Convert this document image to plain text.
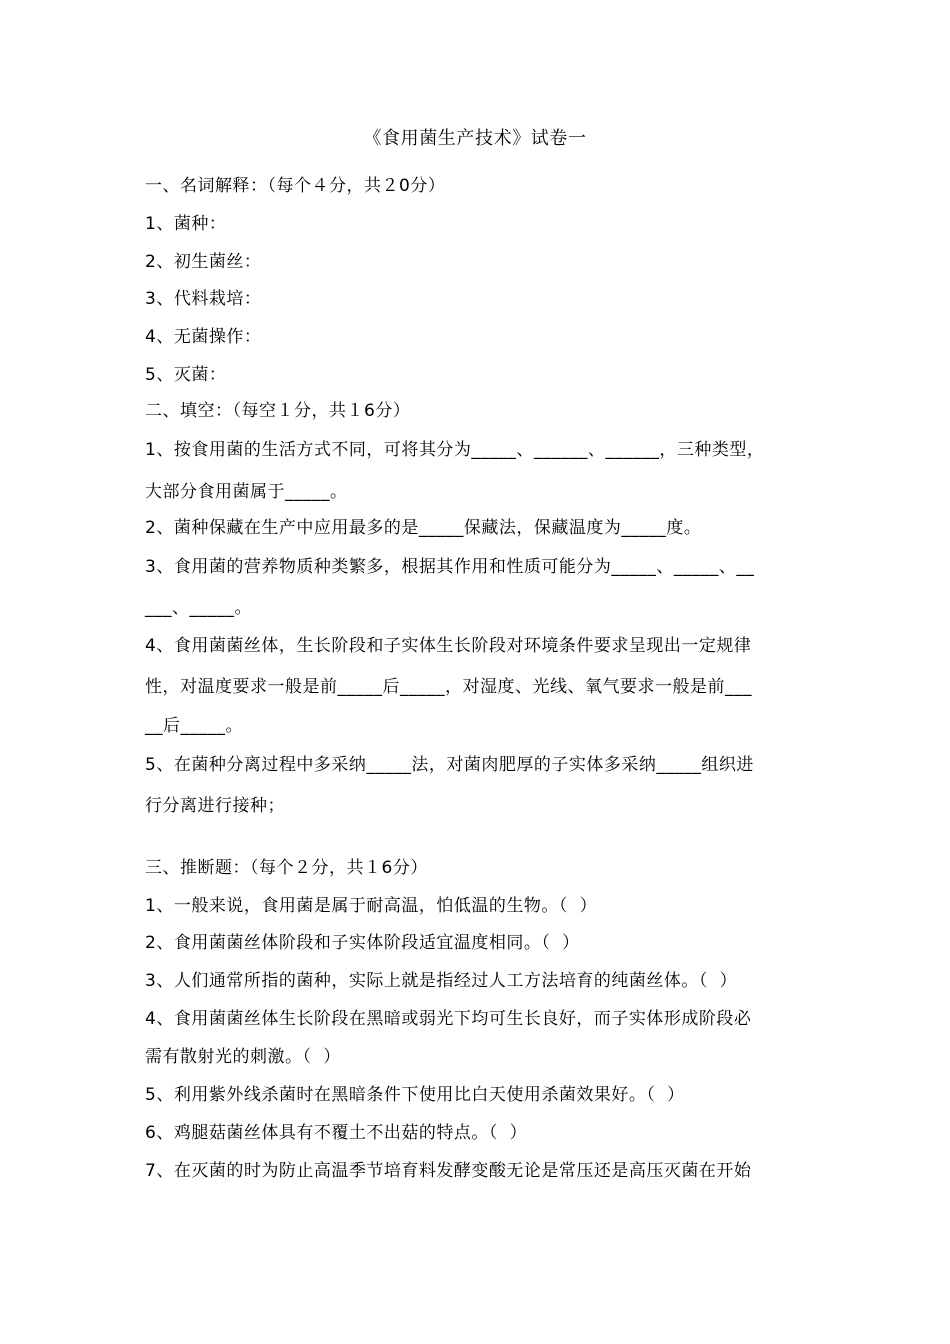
《食用菌生产技术》试卷一
一、名词解释：（每个４分，共２0分）
1、菌种：
2、初生菌丝：
3、代料栽培：
4、无菌操作：
5、灭菌：
二、填空：（每空１分，共１6分）
1、按食用菌的生活方式不同，可将其分为_____、______、______，三种类型，
大部分食用菌属于_____。
2、菌种保藏在生产中应用最多的是_____保藏法，保藏温度为_____度。
3、食用菌的营养物质种类繁多，根据其作用和性质可能分为_____、_____、__
___、_____。
4、食用菌菌丝体，生长阶段和子实体生长阶段对环境条件要求呈现出一定规律
性，对温度要求一般是前_____后_____，对湿度、光线、氧气要求一般是前___
__后_____。
5、在菌种分离过程中多采纳_____法，对菌肉肥厚的子实体多采纳_____组织进
行分离进行接种；
三、推断题：（每个２分，共１6分）
1、一般来说，食用菌是属于耐高温，怕低温的生物。（  ）
2、食用菌菌丝体阶段和子实体阶段适宜温度相同。（  ）
3、人们通常所指的菌种，实际上就是指经过人工方法培育的纯菌丝体。（  ）
4、食用菌菌丝体生长阶段在黑暗或弱光下均可生长良好，而子实体形成阶段必
需有散射光的刺激。（  ）
5、利用紫外线杀菌时在黑暗条件下使用比白天使用杀菌效果好。（  ）
6、鸡腿菇菌丝体具有不覆土不出菇的特点。（  ）
7、在灭菌的时为防止高温季节培育料发酵变酸无论是常压还是高压灭菌在开始
